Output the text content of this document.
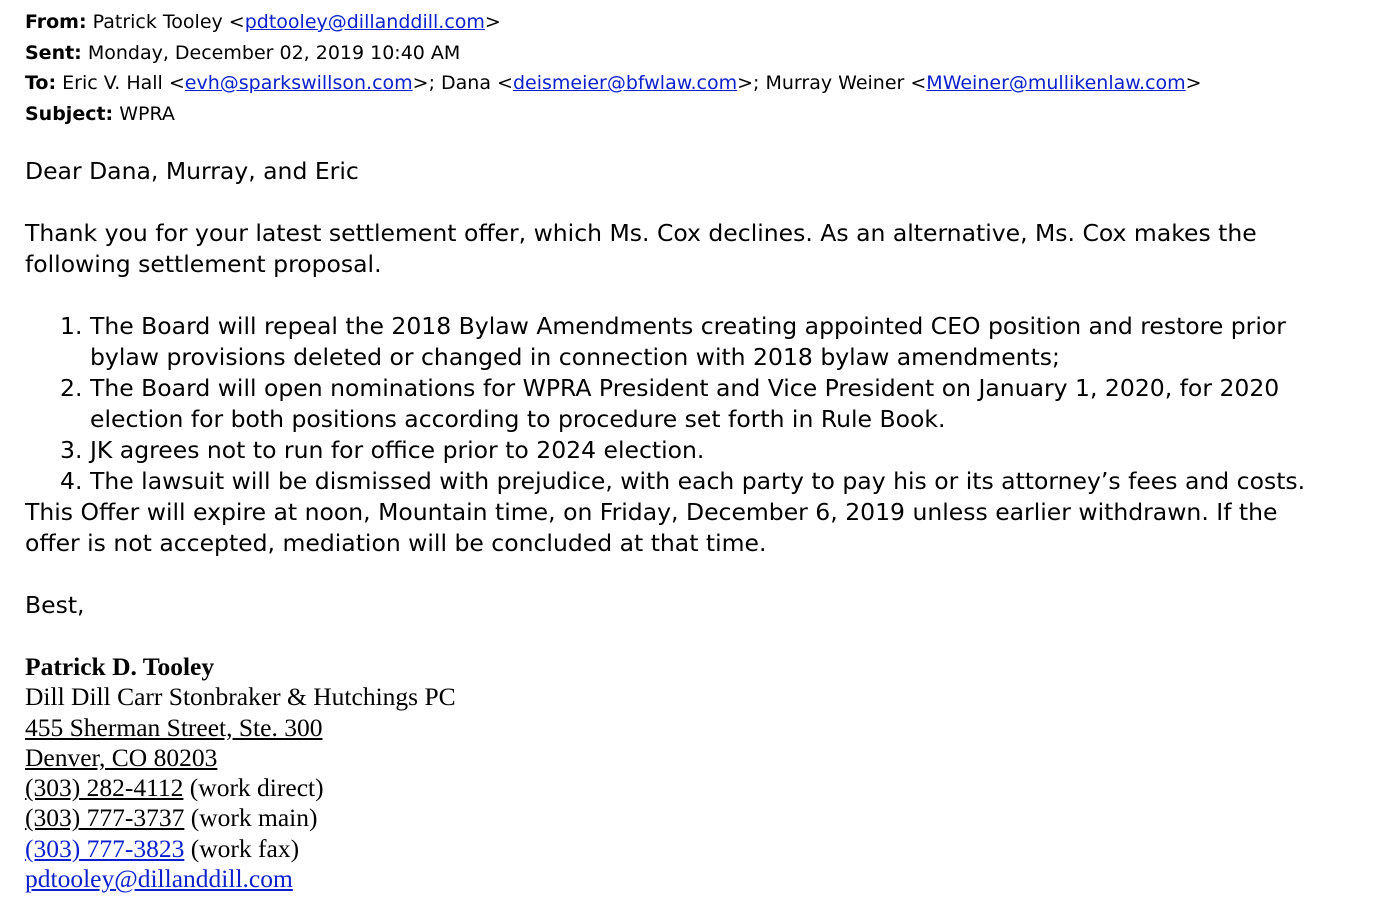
From: Patrick Tooley <pdtooley@dillanddill.com>
Sent: Monday, December 02, 2019 10:40 AM
To: Eric V. Hall <evh@sparkswillson.com>; Dana <deismeier@bfwlaw.com>; Murray Weiner <MWeiner@mullikenlaw.com>
Subject: WPRA

Dear Dana, Murray, and Eric

Thank you for your latest settlement offer, which Ms. Cox declines. As an alternative, Ms. Cox makes the

following settlement proposal.

1. The Board will repeal the 2018 Bylaw Amendments creating appointed CEO position and restore prior
bylaw provisions deleted or changed in connection with 2018 bylaw amendments;
2. The Board will open nominations for WPRA President and Vice President on January 1, 2020, for 2020
election for both positions according to procedure set forth in Rule Book.
3. JK agrees not to run for office prior to 2024 election.
4. The lawsuit will be dismissed with prejudice, with each party to pay his or its attorney’s fees and costs.

This Offer will expire at noon, Mountain time, on Friday, December 6, 2019 unless earlier withdrawn. If the

offer is not accepted, mediation will be concluded at that time.

Best,

Patrick D. Tooley
Dill Dill Carr Stonbraker & Hutchings PC
455 Sherman Street, Ste. 300
Denver, CO 80203
(303) 282-4112 (work direct)
(303) 777-3737 (work main)
(303) 777-3823 (work fax)
pdtooley@dillanddill.com
